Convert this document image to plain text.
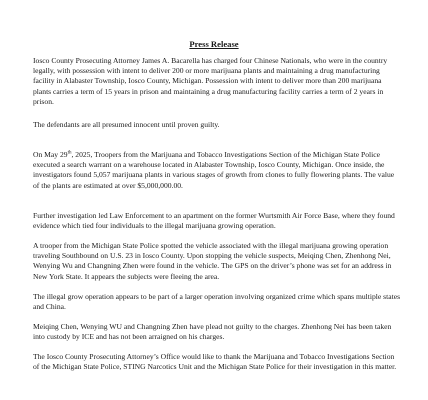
Press Release

Iosco County Prosecuting Attorney James A. Bacarella has charged four Chinese Nationals, who were in the country legally, with possession with intent to deliver 200 or more marijuana plants and maintaining a drug manufacturing facility in Alabaster Township, Iosco County, Michigan. Possession with intent to deliver more than 200 marijuana plants carries a term of 15 years in prison and maintaining a drug manufacturing facility carries a term of 2 years in prison.

The defendants are all presumed innocent until proven guilty.

On May 29th, 2025, Troopers from the Marijuana and Tobacco Investigations Section of the Michigan State Police executed a search warrant on a warehouse located in Alabaster Township, Iosco County, Michigan. Once inside, the investigators found 5,057 marijuana plants in various stages of growth from clones to fully flowering plants. The value of the plants are estimated at over $5,000,000.00.

Further investigation led Law Enforcement to an apartment on the former Wurtsmith Air Force Base, where they found evidence which tied four individuals to the illegal marijuana growing operation.

A trooper from the Michigan State Police spotted the vehicle associated with the illegal marijuana growing operation traveling Southbound on U.S. 23 in Iosco County. Upon stopping the vehicle suspects, Meiqing Chen, Zhenhong Nei, Wenying Wu and Changning Zhen were found in the vehicle. The GPS on the driver’s phone was set for an address in New York State. It appears the subjects were fleeing the area.

The illegal grow operation appears to be part of a larger operation involving organized crime which spans multiple states and China.

Meiqing Chen, Wenying WU and Changning Zhen have plead not guilty to the charges. Zhenhong Nei has been taken into custody by ICE and has not been arraigned on his charges.

The Iosco County Prosecuting Attorney’s Office would like to thank the Marijuana and Tobacco Investigations Section of the Michigan State Police, STING Narcotics Unit and the Michigan State Police for their investigation in this matter.
